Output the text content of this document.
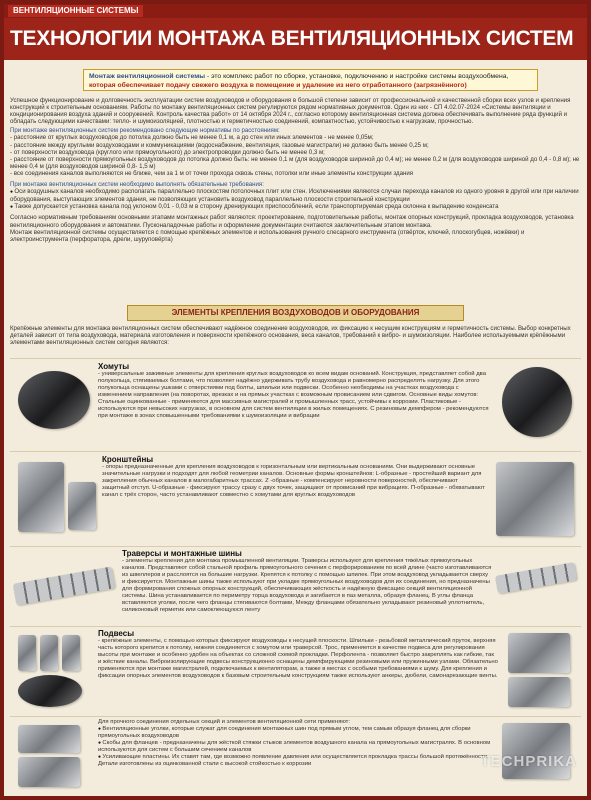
ВЕНТИЛЯЦИОННЫЕ СИСТЕМЫ
ТЕХНОЛОГИИ МОНТАЖА ВЕНТИЛЯЦИОННЫХ СИСТЕМ
Монтаж вентиляционной системы - это комплекс работ по сборке, установке, подключению и настройке системы воздухообмена, которая обеспечивает подачу свежего воздуха в помещение и удаление из него отработанного (загрязнённого)

Успешное функционирование и долговечность эксплуатации систем воздуховодов и оборудования в большой степени зависит от профессиональной и качественной сборки всех узлов и крепления конструкций к строительным основаниям. Работы по монтажу вентиляционных систем регулируются рядом нормативных документов. Один из них - СП 4.02.07-2024 «Системы вентиляции и кондиционирования воздуха зданий и сооружений. Контроль качества работ» от 14 октября 2024 г., согласно которому вентиляционная система должна обеспечивать выполнение ряда функций и обладать следующими качествами: тепло- и шумоизоляцией, плотностью и герметичностью соединений, компактностью, устойчивостью к нагрузкам, прочностью.

При монтаже вентиляционных систем рекомендовано следующие нормативы по расстояниям:

- расстояние от круглых воздуховодов до потолка должно быть не менее 0,1 м, а до стен или иных элементов - не менее 0,05м;

- расстояние между круглыми воздуховодами и коммуникациями (водоснабжение, вентиляция, газовые магистрали) не должно быть менее 0,25 м;

- от поверхности воздуховода (круглого или прямоугольного) до электропроводки должно быть не менее 0,3 м;

- расстояние от поверхности прямоугольных воздуховодов до потолка должно быть: не менее 0,1 м (для воздуховодов шириной до 0,4 м); не менее 0,2 м (для воздуховодов шириной до 0,4 - 0,8 м); не менее 0,4 м (для воздуховодов шириной 0,8- 1,5 м)

- все соединения каналов выполняются не ближе, чем за 1 м от точки прохода сквозь стены, потолки или иные элементы конструкции здания

При монтаже вентиляционных систем необходимо выполнять обязательные требования:

● Оси воздушных каналов необходимо располагать параллельно плоскостям потолочных плит или стен. Исключениями являются случаи перехода каналов из одного уровня в другой или при наличии оборудования, выступающих элементов здания, не позволяющих установить воздуховод параллельно плоскости строительной конструкции

● Также допускается установка канала под уклоном 0,01 - 0,03 м в сторону дренирующих приспособлений, если транспортируемая среда склонна к выпадению конденсата

Согласно нормативным требованиям основными этапами монтажных работ являются: проектирование, подготовительные работы, монтаж опорных конструкций, прокладка воздуховодов, установка вентиляционного оборудования и автоматики. Пусконаладочные работы и оформление документации считаются заключительным этапом монтажа.

Монтаж вентиляционной системы осуществляется с помощью крепёжных элементов и использования ручного слесарного инструмента (отвёрток, ключей, плоскогубцев, ножёвки) и электроинструмента (перфоратора, дрели, шуруповёрта)

ЭЛЕМЕНТЫ КРЕПЛЕНИЯ ВОЗДУХОВОДОВ И ОБОРУДОВАНИЯ
Крепёжные элементы для монтажа вентиляционных систем обеспечивают надёжное соединение воздуховодов, их фиксацию к несущим конструкциям и герметичность системы. Выбор конкретных деталей зависит от типа воздуховода, материала изготовления и поверхности крепёжного основания, веса каналов, требований к вибро- и шумоизоляции. Наиболее используемыми крёпёжными элементами вентиляционных систем сегодня являются:
Хомуты
- универсальные зажимные элементы для крепления круглых воздуховодов ко всем видам оснований. Конструкция, представляет собой два полукольца, стягиваемых болтами, что позволяет надёжно удерживать трубу воздуховода и равномерно распределять нагрузку. Для этого полукольца оснащены ушками с отверстиями под болты, шпильки или подвески. Особенно необходимы на участках воздуховода с изменением направления (на поворотах, врезках и на прямых участках с возможным провисанием или сдвигом. Основные виды хомутов: Стальные оцинкованные - применяются для массивных магистралей и промышленных трасс, устойчивы к коррозии. Пластиковые - используются при невысоких нагрузках, в основном для систем вентиляции в жилых помещениях. С резиновым демпфером - рекомендуются при монтаже в зонах сповышенными требованиями к шумоизоляции и вибрации
Кронштейны
- опоры предназначенные для крепления воздуховодов к горизонтальным или вертикальным основаниям. Они выдерживают основные значительные нагрузки и подходят для любой геометрии каналов. Основные формы кронштейнов: L-образные - простейший вариант для закрепления обычных каналов в малогабаритных трассах. Z -образные - компенсируют неровности поверхностей, обеспечивают защитный отступ. U-образные - фиксируют трассу сразу с двух точек, защищают от провисаний при вибрациях. П-образные - обхватывают канал с трёх сторон, часто устанавливают совместно с хомутами для круглых воздуховодов
Траверсы и монтажные шины
- элементы крепления для монтажа промышленной вентиляции. Траверсы используют для крепления тяжёлых прямоугольных каналов. Представляют собой стальной профиль прямоугольного сечения с перфорированием по всей длине (часто изготавливаются из швеллеров и расслоятся на большие нагрузки. Крепятся к потолку с помощью шпилек. При этом воздуховод укладывается сверху и фиксируется. Монтажные шины также используют при укладке прямоугольных воздуховодов для их соединения, но предназначены для формирования сложных опорных конструкций, обеспечивающих жёсткость и надёжную фиксацию секций вентиляционной системы. Шина устанавливается по периметру торца воздуховода и загибается в паз металла, образуя фланец. В углы фланца вставляются уголки, после чего фланцы стягиваются болтами, Между фланцами обязательно укладывают резиновый уплотнитель, силиконовый герметик или самоклеющуюся ленту
Подвесы
- крепёжные элементы, с помощью которых фиксируют воздуховоды к несущей плоскости. Шпильки - резьбовой металлический пруток, верхняя часть которого крепится к потолку, нижняя соединяется с хомутом или траверсой. Трос, применяется в качестве подвеса для регулирования высоты при монтаже и особенно удобен на объектах со сложной схемой прокладки. Перфолента - позволяет быстро закреплять как гибкие, так и жёсткие каналы. Виброизолирующие подвесы конструкционно оснащены демпфирующими резиновыми или пружинными узлами. Обязательно применяются при монтаже магистралей, подключаемых к вентиляторам, а также в местах с особыми требованиями к шуму. Для крепления и фиксации опорных элементов воздуховодов к базовым строительным конструкциям также используют анкеры, дюбели, самонарезающие винты.

Для прочного соединения отдельных секций и элементов вентиляционной сети применяют:

● Вентиляционные уголки, которые служат для соединения монтажных шин под прямым углом, тем самым образуя фланец для сборки прямоугольных воздуховодов

● Скобы для фланцев - предназначены для жёсткой стяжки стыков элементов воздушного канала на прямоугольных магистралях. В основном используются для систем с большим сечением каналов

● Усиливающие пластины. Их ставят там, где возможно появление давления или осуществляется прокладка трассы большой протяжённости. Детали изготовлены из оцинкованной стали с высокой стойкостью к коррозии	TECHPRIKA
